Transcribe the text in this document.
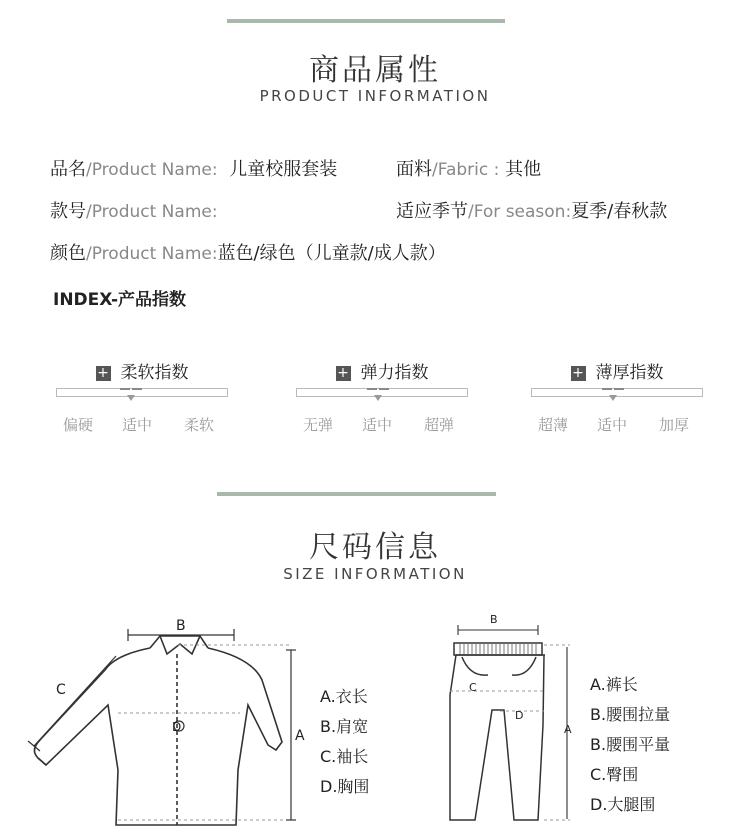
商品属性
PRODUCT INFORMATION
品名/Product Name: 儿童校服套装	面料/Fabric : 其他
款号/Product Name:	适应季节/For season:夏季/春秋款
颜色/Product Name:蓝色/绿色（儿童款/成人款）
INDEX-产品指数
+ 柔软指数
偏硬 适中 柔软
+ 弹力指数
无弹 适中 超弹
+ 薄厚指数
超薄 适中 加厚
尺码信息
SIZE INFORMATION
B
A
C
D
A.衣长
B.肩宽
C.袖长
D.胸围
B
C
D
A
A.裤长
B.腰围拉量
B.腰围平量
C.臀围
D.大腿围
